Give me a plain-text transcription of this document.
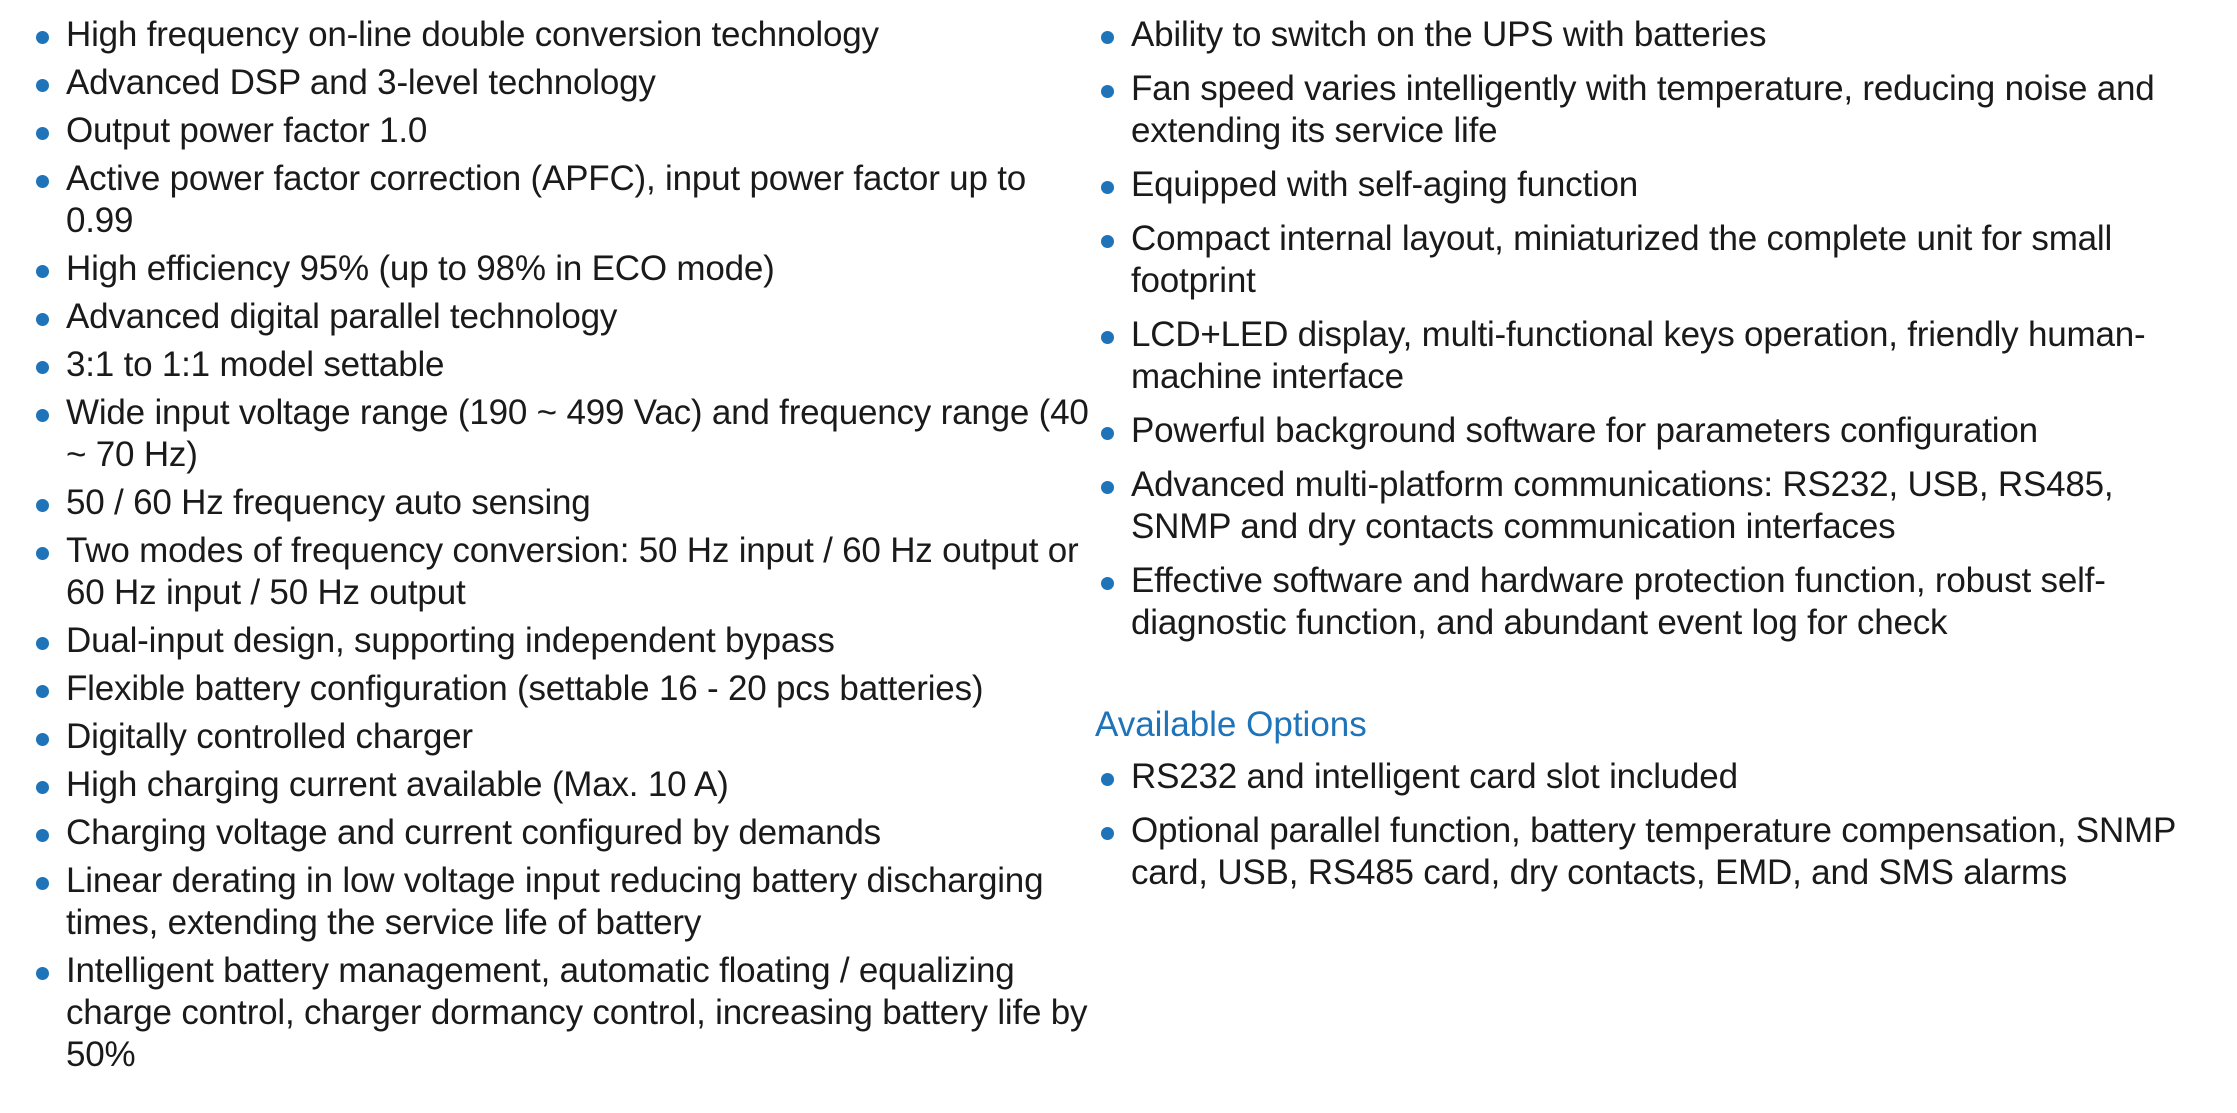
High frequency on-line double conversion technology
Advanced DSP and 3-level technology
Output power factor 1.0
Active power factor correction (APFC), input power factor up to 0.99
High efficiency 95% (up to 98% in ECO mode)
Advanced digital parallel technology
3:1 to 1:1 model settable
Wide input voltage range (190 ~ 499 Vac) and frequency range (40 ~ 70 Hz)
50 / 60 Hz frequency auto sensing
Two modes of frequency conversion: 50 Hz input / 60 Hz output or 60 Hz input / 50 Hz output
Dual-input design, supporting independent bypass
Flexible battery configuration (settable 16 - 20 pcs batteries)
Digitally controlled charger
High charging current available (Max. 10 A)
Charging voltage and current configured by demands
Linear derating in low voltage input reducing battery discharging times, extending the service life of battery
Intelligent battery management, automatic floating / equalizing charge control, charger dormancy control, increasing battery life by 50%
Ability to switch on the UPS with batteries
Fan speed varies intelligently with temperature, reducing noise and extending its service life
Equipped with self-aging function
Compact internal layout, miniaturized the complete unit for small footprint
LCD+LED display, multi-functional keys operation, friendly human-machine interface
Powerful background software for parameters configuration
Advanced multi-platform communications: RS232, USB, RS485, SNMP and dry contacts communication interfaces
Effective software and hardware protection function, robust self-diagnostic function, and abundant event log for check
Available Options
RS232 and intelligent card slot included
Optional parallel function, battery temperature compensation, SNMP card, USB, RS485 card, dry contacts, EMD, and SMS alarms
